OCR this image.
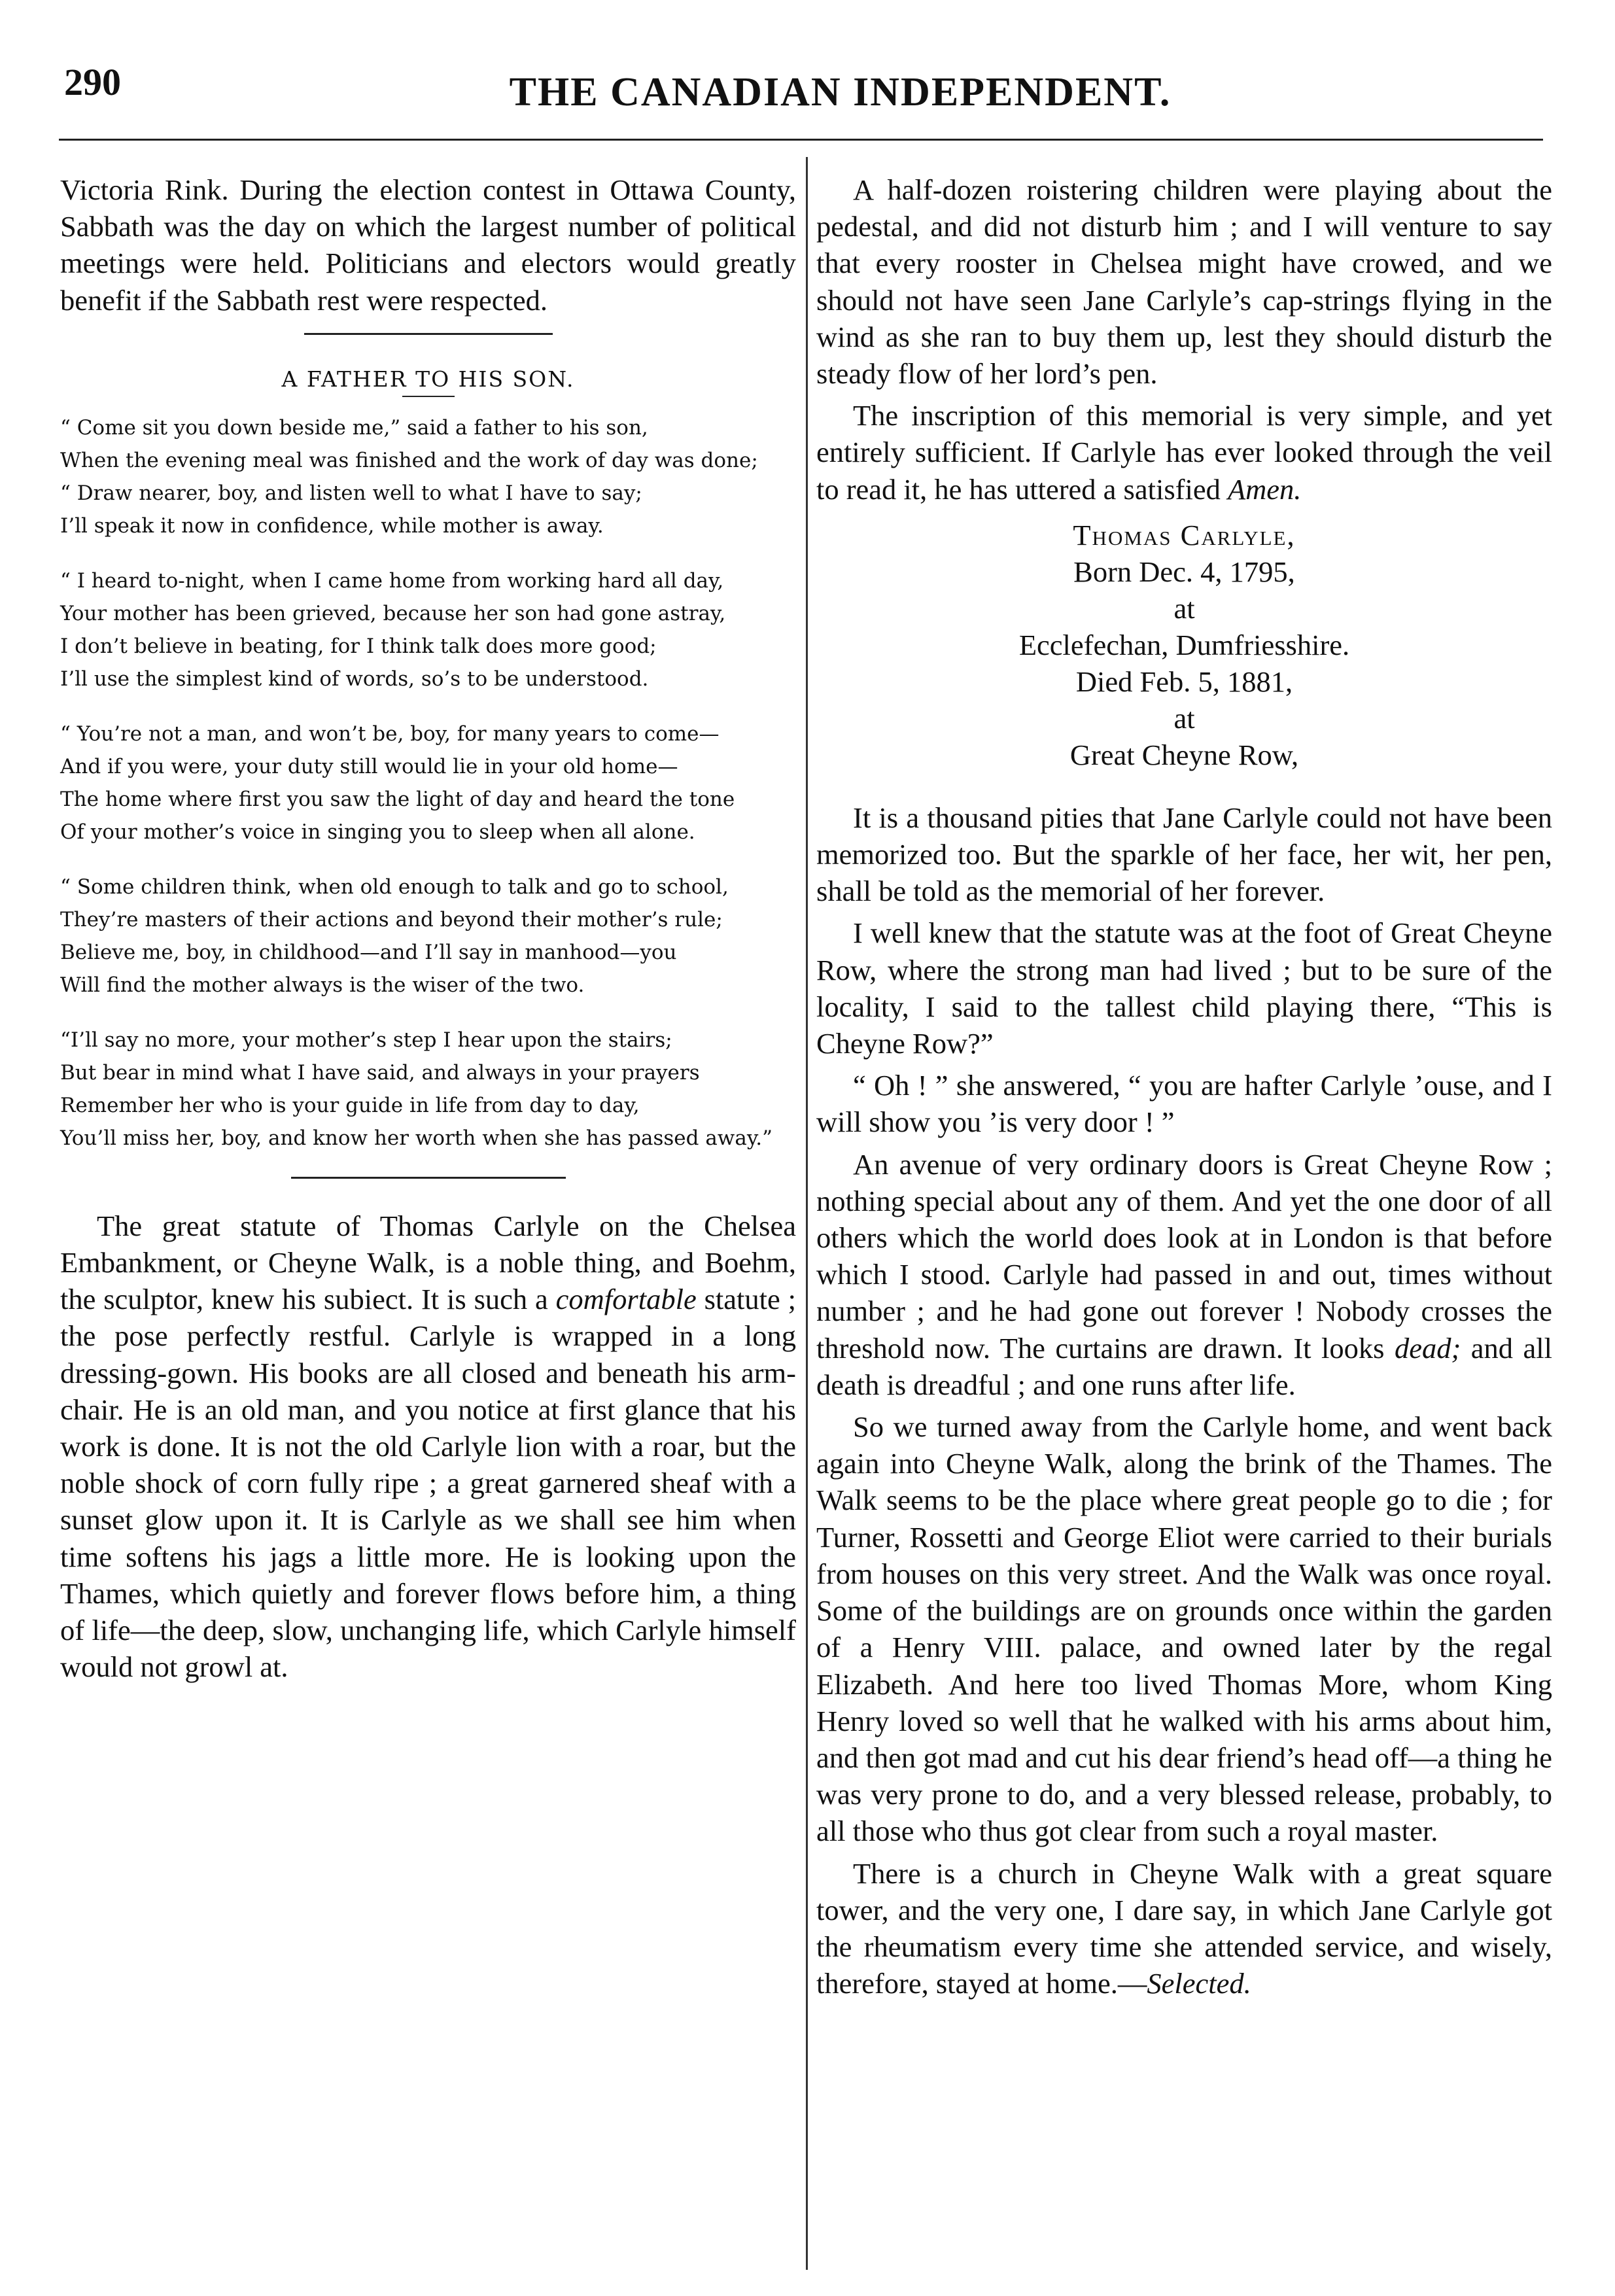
290	THE CANADIAN INDEPENDENT.

Victoria Rink. During the election contest in Ottawa County, Sabbath was the day on which the largest number of political meetings were held. Politicians and electors would greatly benefit if the Sabbath rest were respected.

A FATHER TO HIS SON.
“ Come sit you down beside me,” said a father to his son,
When the evening meal was finished and the work of day was done;
“ Draw nearer, boy, and listen well to what I have to say;
I’ll speak it now in confidence, while mother is away.
“ I heard to-night, when I came home from working hard all day,
Your mother has been grieved, because her son had gone astray,
I don’t believe in beating, for I think talk does more good;
I’ll use the simplest kind of words, so’s to be understood.
“ You’re not a man, and won’t be, boy, for many years to come—
And if you were, your duty still would lie in your old home—
The home where first you saw the light of day and heard the tone
Of your mother’s voice in singing you to sleep when all alone.
“ Some children think, when old enough to talk and go to school,
They’re masters of their actions and beyond their mother’s rule;
Believe me, boy, in childhood—and I’ll say in manhood—you
Will find the mother always is the wiser of the two.
“I’ll say no more, your mother’s step I hear upon the stairs;
But bear in mind what I have said, and always in your prayers
Remember her who is your guide in life from day to day,
You’ll miss her, boy, and know her worth when she has passed away.”

The great statute of Thomas Carlyle on the Chelsea Embankment, or Cheyne Walk, is a noble thing, and Boehm, the sculptor, knew his subiect. It is such a comfortable statute ; the pose perfectly restful. Carlyle is wrapped in a long dressing-gown. His books are all closed and beneath his arm-chair. He is an old man, and you notice at first glance that his work is done. It is not the old Carlyle lion with a roar, but the noble shock of corn fully ripe ; a great garnered sheaf with a sunset glow upon it. It is Carlyle as we shall see him when time softens his jags a little more. He is looking upon the Thames, which quietly and forever flows before him, a thing of life—the deep, slow, unchanging life, which Carlyle himself would not growl at.

A half-dozen roistering children were playing about the pedestal, and did not disturb him ; and I will venture to say that every rooster in Chelsea might have crowed, and we should not have seen Jane Carlyle’s cap-strings flying in the wind as she ran to buy them up, lest they should disturb the steady flow of her lord’s pen.

The inscription of this memorial is very simple, and yet entirely sufficient. If Carlyle has ever looked through the veil to read it, he has uttered a satisfied Amen.

Thomas Carlyle,
Born Dec. 4, 1795,
at
Ecclefechan, Dumfriesshire.
Died Feb. 5, 1881,
at
Great Cheyne Row,

It is a thousand pities that Jane Carlyle could not have been memorized too. But the sparkle of her face, her wit, her pen, shall be told as the memorial of her forever.

I well knew that the statute was at the foot of Great Cheyne Row, where the strong man had lived ; but to be sure of the locality, I said to the tallest child playing there, “This is Cheyne Row?”

“ Oh ! ” she answered, “ you are hafter Carlyle ’ouse, and I will show you ’is very door ! ”

An avenue of very ordinary doors is Great Cheyne Row ; nothing special about any of them. And yet the one door of all others which the world does look at in London is that before which I stood. Carlyle had passed in and out, times without number ; and he had gone out forever ! Nobody crosses the threshold now. The curtains are drawn. It looks dead; and all death is dreadful ; and one runs after life.

So we turned away from the Carlyle home, and went back again into Cheyne Walk, along the brink of the Thames. The Walk seems to be the place where great people go to die ; for Turner, Rossetti and George Eliot were carried to their burials from houses on this very street. And the Walk was once royal. Some of the buildings are on grounds once within the garden of a Henry VIII. palace, and owned later by the regal Elizabeth. And here too lived Thomas More, whom King Henry loved so well that he walked with his arms about him, and then got mad and cut his dear friend’s head off—a thing he was very prone to do, and a very blessed release, probably, to all those who thus got clear from such a royal master.

There is a church in Cheyne Walk with a great square tower, and the very one, I dare say, in which Jane Carlyle got the rheumatism every time she attended service, and wisely, therefore, stayed at home.—Selected.
